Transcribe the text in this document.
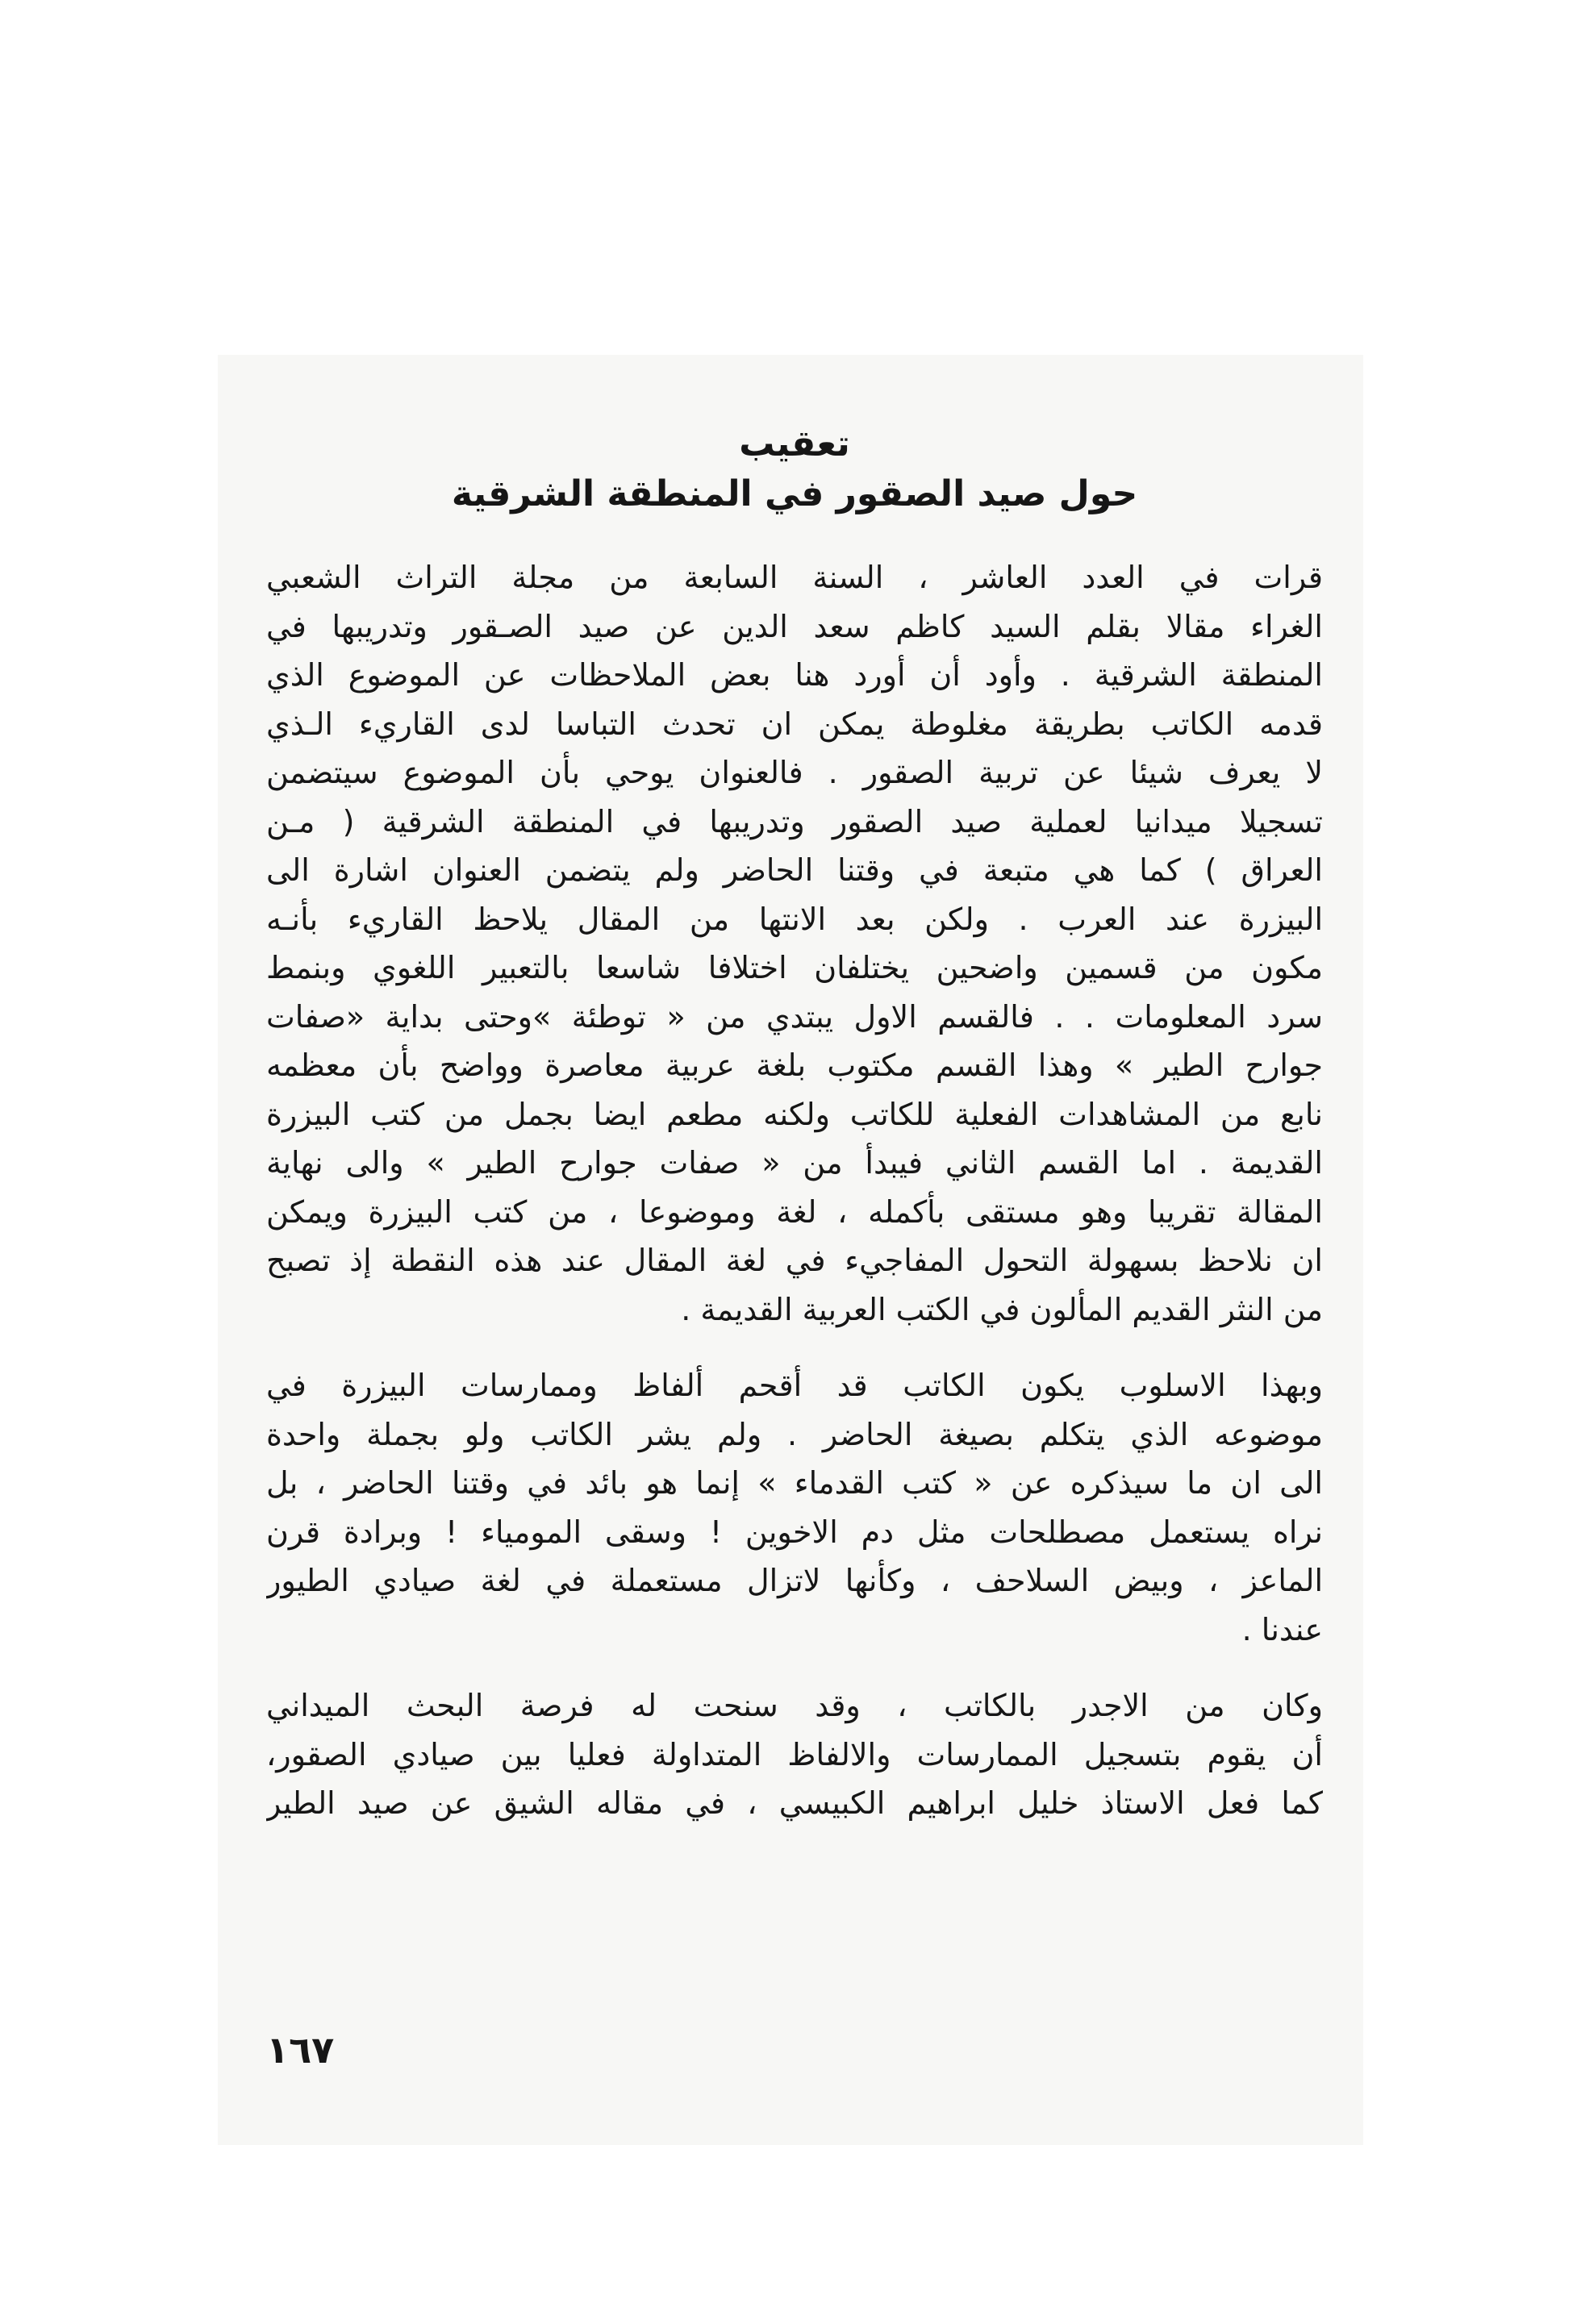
تعقيب
حول صيد الصقور في المنطقة الشرقية
قرات في العدد العاشر ، السنة السابعة من مجلة التراث الشعبي
الغراء مقالا بقلم السيد كاظم سعد الدين عن صيد الصـقور وتدريبها في
المنطقة الشرقية . وأود أن أورد هنا بعض الملاحظات عن الموضوع الذي
قدمه الكاتب بطريقة مغلوطة يمكن ان تحدث التباسا لدى القاريء الـذي
لا يعرف شيئا عن تربية الصقور . فالعنوان يوحي بأن الموضوع سيتضمن
تسجيلا ميدانيا لعملية صيد الصقور وتدريبها في المنطقة الشرقية ( مـن
العراق ) كما هي متبعة في وقتنا الحاضر ولم يتضمن العنوان اشارة الى
البيزرة عند العرب . ولكن بعد الانتها من المقال يلاحظ القاريء بأنـه
مكون من قسمين واضحين يختلفان اختلافا شاسعا بالتعبير اللغوي وبنمط
سرد المعلومات . . فالقسم الاول يبتدي من « توطئة »وحتى بداية «صفات
جوارح الطير » وهذا القسم مكتوب بلغة عربية معاصرة وواضح بأن معظمه
نابع من المشاهدات الفعلية للكاتب ولكنه مطعم ايضا بجمل من كتب البيزرة
القديمة . اما القسم الثاني فيبدأ من « صفات جوارح الطير » والى نهاية
المقالة تقريبا وهو مستقى بأكمله ، لغة وموضوعا ، من كتب البيزرة ويمكن
ان نلاحظ بسهولة التحول المفاجيء في لغة المقال عند هذه النقطة إذ تصبح
من النثر القديم المألون في الكتب العربية القديمة .
وبهذا الاسلوب يكون الكاتب قد أقحم ألفاظ وممارسات البيزرة في
موضوعه الذي يتكلم بصيغة الحاضر . ولم يشر الكاتب ولو بجملة واحدة
الى ان ما سيذكره عن « كتب القدماء » إنما هو بائد في وقتنا الحاضر ، بل
نراه يستعمل مصطلحات مثل دم الاخوين ! وسقى المومياء ! وبرادة قرن
الماعز ، وبيض السلاحف ، وكأنها لاتزال مستعملة في لغة صيادي الطيور
عندنا .
وكان من الاجدر بالكاتب ، وقد سنحت له فرصة البحث الميداني
أن يقوم بتسجيل الممارسات والالفاظ المتداولة فعليا بين صيادي الصقور،
كما فعل الاستاذ خليل ابراهيم الكبيسي ، في مقاله الشيق عن صيد الطير
١٦٧
